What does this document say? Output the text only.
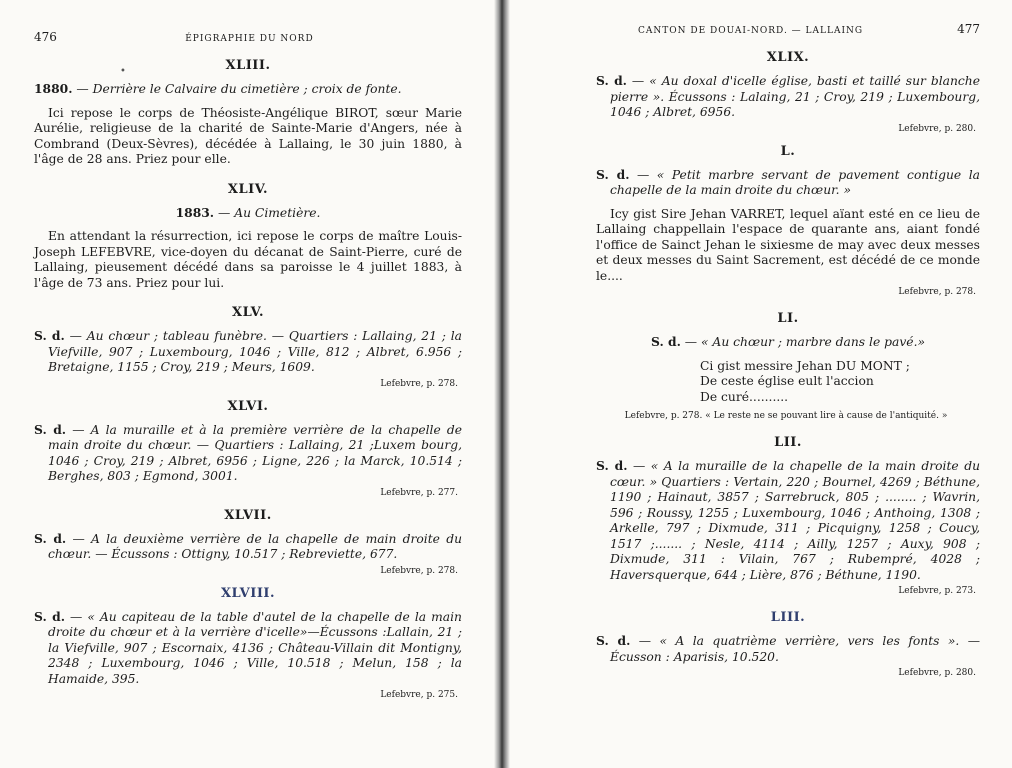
476	ÉPIGRAPHIE DU NORD
•	XLIII.

1880. — Derrière le Calvaire du cimetière ; croix de fonte.

Ici repose le corps de Théosiste-Angélique BIROT, sœur Marie Aurélie, religieuse de la charité de Sainte-Marie d'Angers, née à Combrand (Deux-Sèvres), décédée à Lallaing, le 30 juin 1880, à l'âge de 28 ans. Priez pour elle.

XLIV.

1883. — Au Cimetière.

En attendant la résurrection, ici repose le corps de maître Louis-Joseph LEFEBVRE, vice-doyen du décanat de Saint-Pierre, curé de Lallaing, pieusement décédé dans sa paroisse le 4 juillet 1883, à l'âge de 73 ans. Priez pour lui.

XLV.

S. d. — Au chœur ; tableau funèbre. — Quartiers : Lallaing, 21 ; la Viefville, 907 ; Luxembourg, 1046 ; Ville, 812 ; Albret, 6.956 ; Bretaigne, 1155 ; Croy, 219 ; Meurs, 1609.

Lefebvre, p. 278.
XLVI.

S. d. — A la muraille et à la première verrière de la chapelle de main droite du chœur. — Quartiers : Lallaing, 21 ;Luxem bourg, 1046 ; Croy, 219 ; Albret, 6956 ; Ligne, 226 ; la Marck, 10.514 ; Berghes, 803 ; Egmond, 3001.

Lefebvre, p. 277.
XLVII.

S. d. — A la deuxième verrière de la chapelle de main droite du chœur. — Écussons : Ottigny, 10.517 ; Rebreviette, 677.

Lefebvre, p. 278.
XLVIII.

S. d. — « Au capiteau de la table d'autel de la chapelle de la main droite du chœur et à la verrière d'icelle»—Écussons :Lallain, 21 ; la Viefville, 907 ; Escornaix, 4136 ; Château-Villain dit Montigny, 2348 ; Luxembourg, 1046 ; Ville, 10.518 ; Melun, 158 ; la Hamaide, 395.

Lefebvre, p. 275.
CANTON DE DOUAI-NORD. — LALLAING	477
XLIX.

S. d. — « Au doxal d'icelle église, basti et taillé sur blanche pierre ». Écussons : Lalaing, 21 ; Croy, 219 ; Luxembourg, 1046 ; Albret, 6956.

Lefebvre, p. 280.
L.

S. d. — « Petit marbre servant de pavement contigue la chapelle de la main droite du chœur. »

Icy gist Sire Jehan VARRET, lequel aïant esté en ce lieu de Lallaing chappellain l'espace de quarante ans, aiant fondé l'office de Sainct Jehan le sixiesme de may avec deux messes et deux messes du Saint Sacrement, est décédé de ce monde le....

Lefebvre, p. 278.
LI.

S. d. — « Au chœur ; marbre dans le pavé.»

Ci gist messire Jehan DU MONT ;
De ceste église eult l'accion
De curé..........
Lefebvre, p. 278. « Le reste ne se pouvant lire à cause de l'antiquité. »
LII.

S. d. — « A la muraille de la chapelle de la main droite du cœur. » Quartiers : Vertain, 220 ; Bournel, 4269 ; Béthune, 1190 ; Hainaut, 3857 ; Sarrebruck, 805 ; ........ ; Wavrin, 596 ; Roussy, 1255 ; Luxembourg, 1046 ; Anthoing, 1308 ; Arkelle, 797 ; Dixmude, 311 ; Picquigny, 1258 ; Coucy, 1517 ;....... ; Nesle, 4114 ; Ailly, 1257 ; Auxy, 908 ; Dixmude, 311 : Vilain, 767 ; Rubempré, 4028 ; Haversquerque, 644 ; Lière, 876 ; Béthune, 1190.

Lefebvre, p. 273.
LIII.

S. d. — « A la quatrième verrière, vers les fonts ». — Écusson : Aparisis, 10.520.

Lefebvre, p. 280.
